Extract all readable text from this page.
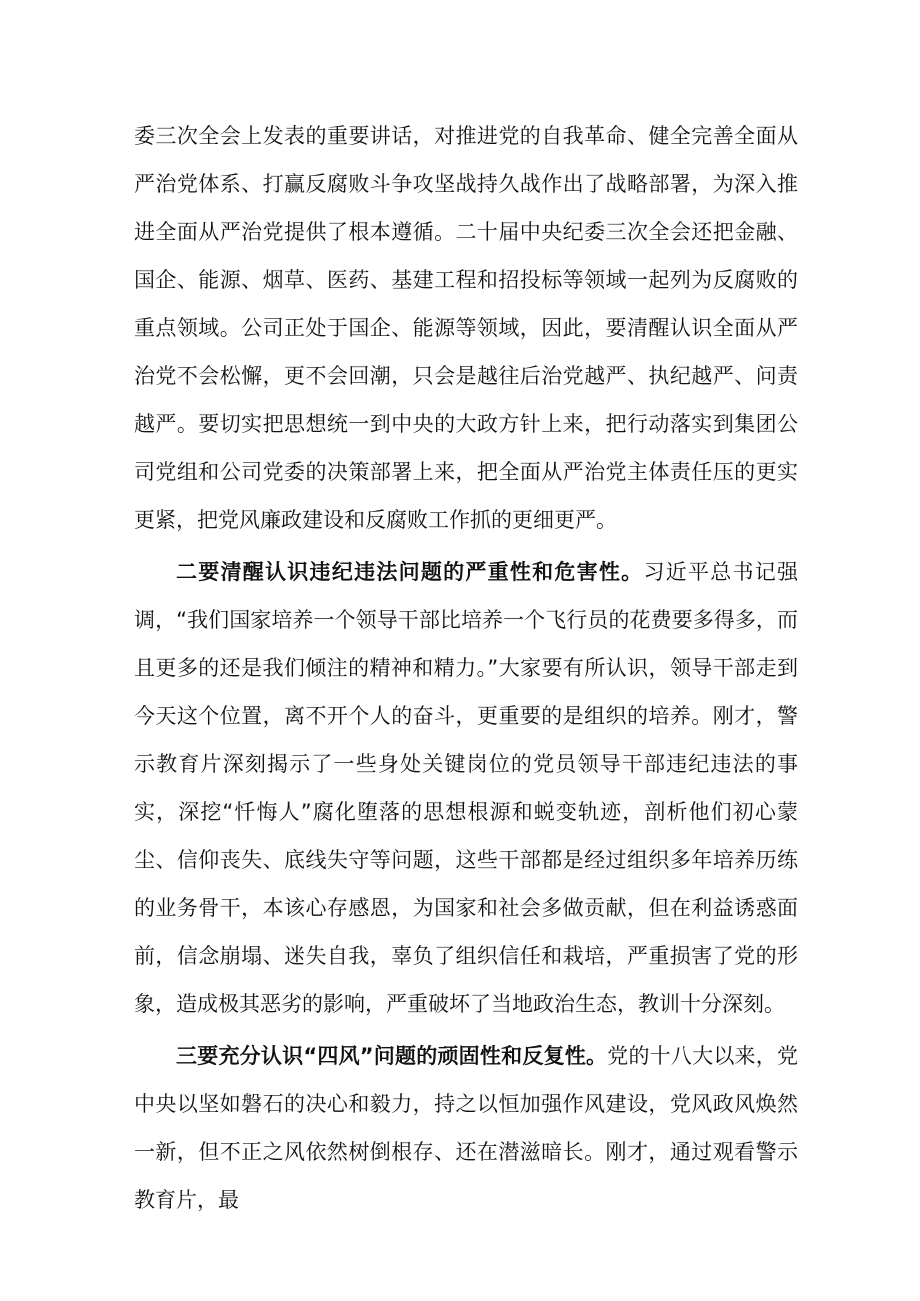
委三次全会上发表的重要讲话，对推进党的自我革命、健全完善全面从严治党体系、打赢反腐败斗争攻坚战持久战作出了战略部署，为深入推进全面从严治党提供了根本遵循。二十届中央纪委三次全会还把金融、国企、能源、烟草、医药、基建工程和招投标等领域一起列为反腐败的重点领域。公司正处于国企、能源等领域，因此，要清醒认识全面从严治党不会松懈，更不会回潮，只会是越往后治党越严、执纪越严、问责越严。要切实把思想统一到中央的大政方针上来，把行动落实到集团公司党组和公司党委的决策部署上来，把全面从严治党主体责任压的更实更紧，把党风廉政建设和反腐败工作抓的更细更严。

二要清醒认识违纪违法问题的严重性和危害性。习近平总书记强调，“我们国家培养一个领导干部比培养一个飞行员的花费要多得多，而且更多的还是我们倾注的精神和精力。”大家要有所认识，领导干部走到今天这个位置，离不开个人的奋斗，更重要的是组织的培养。刚才，警示教育片深刻揭示了一些身处关键岗位的党员领导干部违纪违法的事实，深挖“忏悔人”腐化堕落的思想根源和蜕变轨迹，剖析他们初心蒙尘、信仰丧失、底线失守等问题，这些干部都是经过组织多年培养历练的业务骨干，本该心存感恩，为国家和社会多做贡献，但在利益诱惑面前，信念崩塌、迷失自我，辜负了组织信任和栽培，严重损害了党的形象，造成极其恶劣的影响，严重破坏了当地政治生态，教训十分深刻。

三要充分认识“四风”问题的顽固性和反复性。党的十八大以来，党中央以坚如磐石的决心和毅力，持之以恒加强作风建设，党风政风焕然一新，但不正之风依然树倒根存、还在潜滋暗长。刚才，通过观看警示教育片，最
